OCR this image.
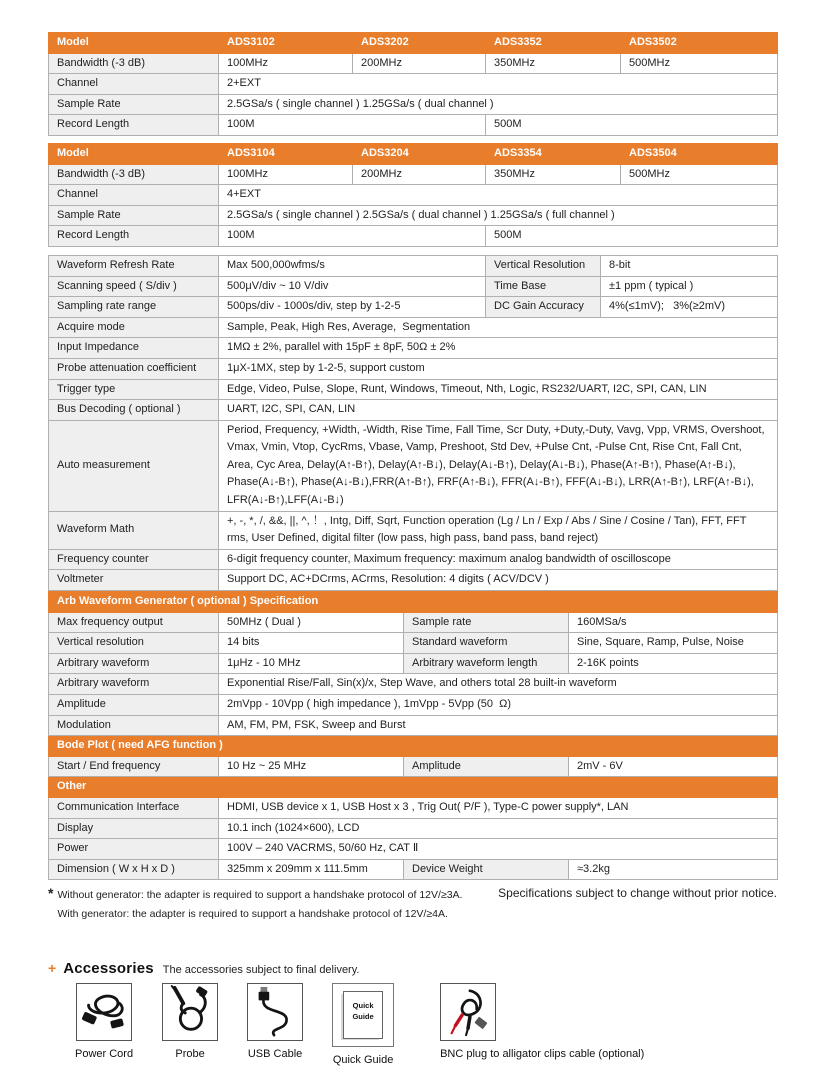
Model	ADS3102	ADS3202	ADS3352	ADS3502
Bandwidth (-3 dB)	100MHz	200MHz	350MHz	500MHz
Channel	2+EXT			
Sample Rate	2.5GSa/s ( single channel ) 1.25GSa/s ( dual channel )			
Record Length	100M		500M	
Model	ADS3104	ADS3204	ADS3354	ADS3504
Bandwidth (-3 dB)	100MHz	200MHz	350MHz	500MHz
Channel	4+EXT			
Sample Rate	2.5GSa/s ( single channel ) 2.5GSa/s ( dual channel ) 1.25GSa/s ( full channel )			
Record Length	100M		500M	
Waveform Refresh Rate	Max 500,000wfms/s	Vertical Resolution	8-bit
Scanning speed ( S/div )	500μV/div ~ 10 V/div	Time Base	±1 ppm ( typical )
Sampling rate range	500ps/div - 1000s/div, step by 1-2-5	DC Gain Accuracy	4%(≤1mV);   3%(≥2mV)
Acquire mode	Sample, Peak, High Res, Average,  Segmentation		
Input Impedance	1MΩ ± 2%, parallel with 15pF ± 8pF, 50Ω ± 2%		
Probe attenuation coefficient	1μX-1MX, step by 1-2-5, support custom		
Trigger type	Edge, Video, Pulse, Slope, Runt, Windows, Timeout, Nth, Logic, RS232/UART, I2C, SPI, CAN, LIN		
Bus Decoding ( optional )	UART, I2C, SPI, CAN, LIN		
Auto measurement	Period, Frequency, +Width, -Width, Rise Time, Fall Time, Scr Duty, +Duty,-Duty, Vavg, Vpp, VRMS, Overshoot, Vmax, Vmin, Vtop, CycRms, Vbase, Vamp, Preshoot, Std Dev, +Pulse Cnt, -Pulse Cnt, Rise Cnt, Fall Cnt, Area, Cyc Area, Delay(A↑-B↑), Delay(A↑-B↓), Delay(A↓-B↑), Delay(A↓-B↓), Phase(A↑-B↑), Phase(A↑-B↓), Phase(A↓-B↑), Phase(A↓-B↓),FRR(A↑-B↑), FRF(A↑-B↓), FFR(A↓-B↑), FFF(A↓-B↓), LRR(A↑-B↑), LRF(A↑-B↓), LFR(A↓-B↑),LFF(A↓-B↓)		
Waveform Math	+, -, *, /, &&, ||, ^, ！, Intg, Diff, Sqrt, Function operation (Lg / Ln / Exp / Abs / Sine / Cosine / Tan), FFT, FFT rms, User Defined, digital filter (low pass, high pass, band pass, band reject)		
Frequency counter	6-digit frequency counter, Maximum frequency: maximum analog bandwidth of oscilloscope		
Voltmeter	Support DC, AC+DCrms, ACrms, Resolution: 4 digits ( ACV/DCV )		
Arb Waveform Generator ( optional ) Specification			
Max frequency output	50MHz ( Dual )	Sample rate	160MSa/s
Vertical resolution	14 bits	Standard waveform	Sine, Square, Ramp, Pulse, Noise
Arbitrary waveform	1μHz - 10 MHz	Arbitrary waveform length	2-16K points
Arbitrary waveform	Exponential Rise/Fall, Sin(x)/x, Step Wave, and others total 28 built-in waveform		
Amplitude	2mVpp - 10Vpp ( high impedance ), 1mVpp - 5Vpp (50  Ω)		
Modulation	AM, FM, PM, FSK, Sweep and Burst		
Bode Plot ( need AFG function )			
Start / End frequency	10 Hz ~ 25 MHz	Amplitude	2mV - 6V
Other			
Communication Interface	HDMI, USB device x 1, USB Host x 3 , Trig Out( P/F ), Type-C power supply*, LAN		
Display	10.1 inch (1024×600), LCD		
Power	100V – 240 VACRMS, 50/60 Hz, CAT Ⅱ		
Dimension ( W x H x D )	325mm x 209mm x 111.5mm	Device Weight	≈3.2kg
* Without generator: the adapter is required to support a handshake protocol of 12V/≥3A.
With generator: the adapter is required to support a handshake protocol of 12V/≥4A.
Specifications subject to change without prior notice.
+ Accessories The accessories subject to final delivery.
Power Cord	Probe	USB Cable
Quick Guide
Quick Guide	BNC plug to alligator clips cable (optional)
